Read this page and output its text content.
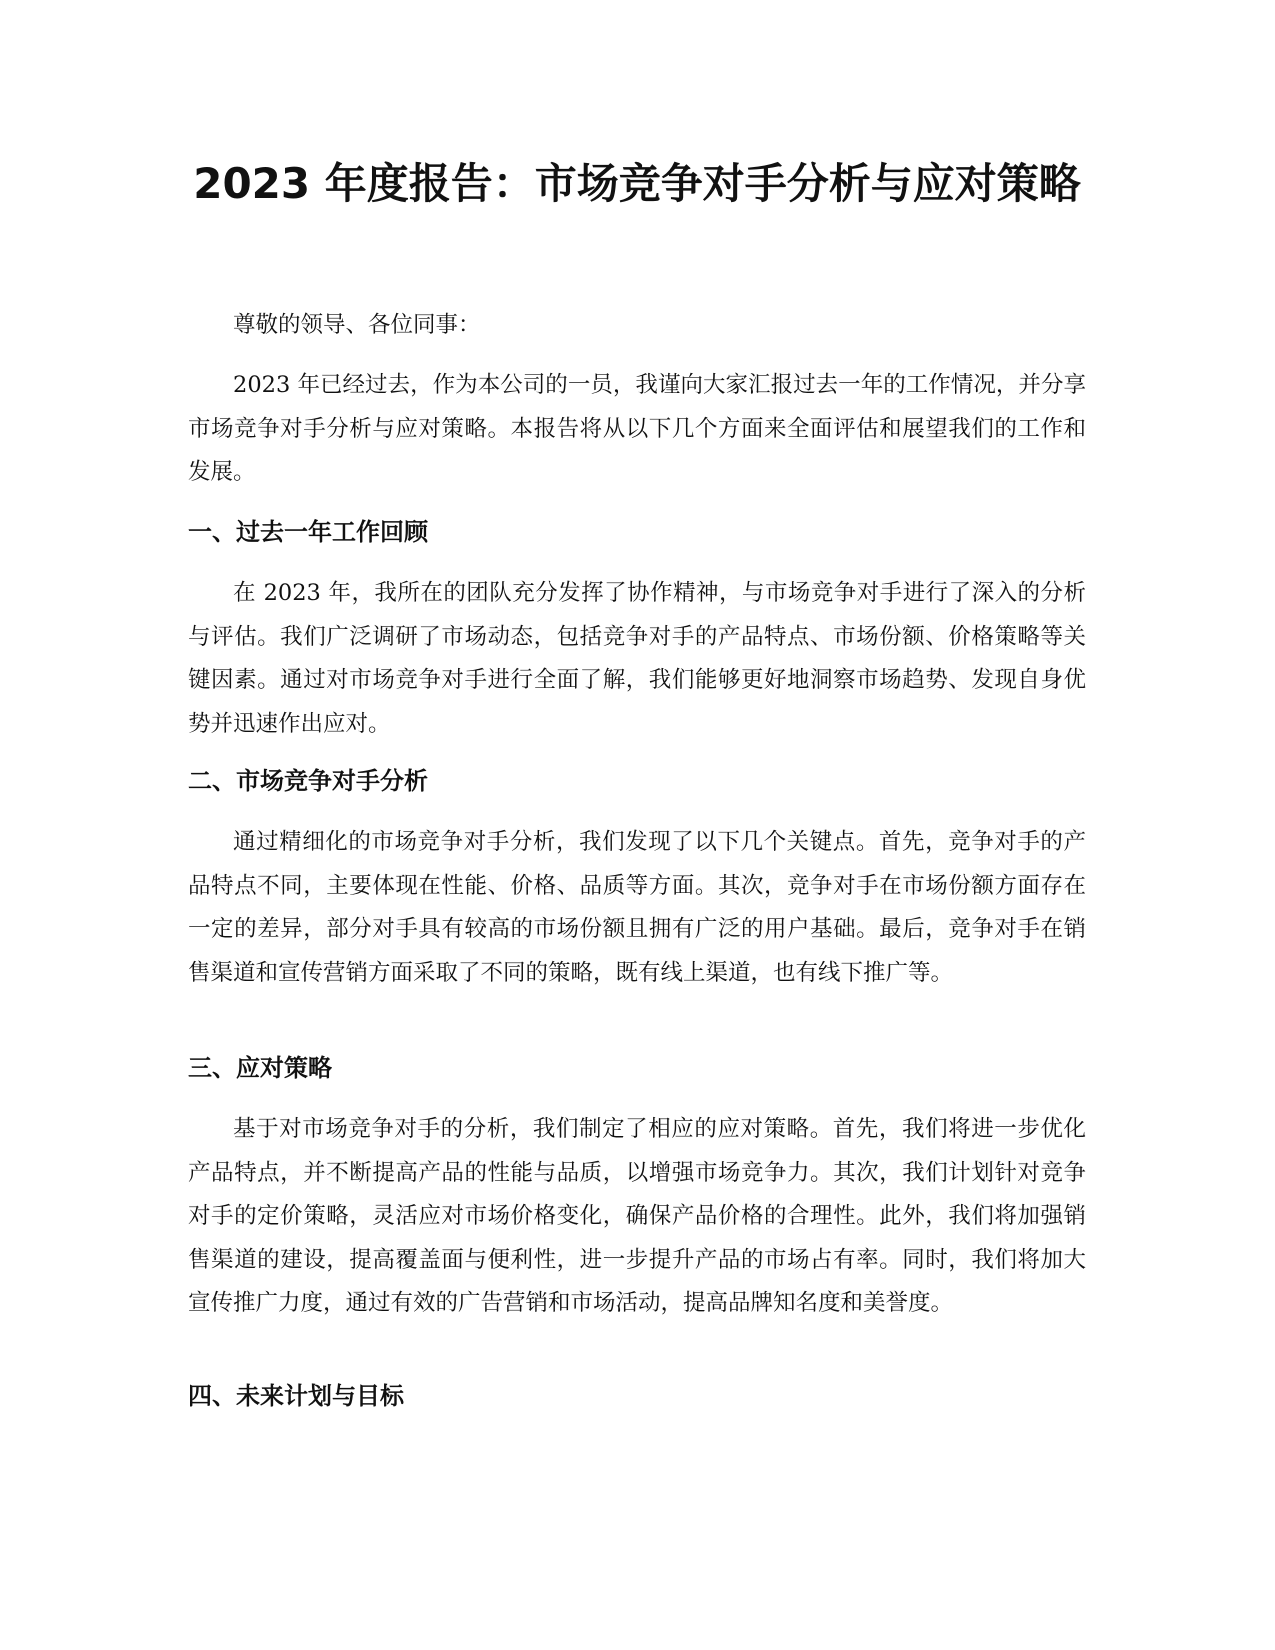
2023 年度报告：市场竞争对手分析与应对策略

尊敬的领导、各位同事：

2023 年已经过去，作为本公司的一员，我谨向大家汇报过去一年的工作情况，并分享市场竞争对手分析与应对策略。本报告将从以下几个方面来全面评估和展望我们的工作和发展。

一、过去一年工作回顾

在 2023 年，我所在的团队充分发挥了协作精神，与市场竞争对手进行了深入的分析与评估。我们广泛调研了市场动态，包括竞争对手的产品特点、市场份额、价格策略等关键因素。通过对市场竞争对手进行全面了解，我们能够更好地洞察市场趋势、发现自身优势并迅速作出应对。

二、市场竞争对手分析

通过精细化的市场竞争对手分析，我们发现了以下几个关键点。首先，竞争对手的产品特点不同，主要体现在性能、价格、品质等方面。其次，竞争对手在市场份额方面存在一定的差异，部分对手具有较高的市场份额且拥有广泛的用户基础。最后，竞争对手在销售渠道和宣传营销方面采取了不同的策略，既有线上渠道，也有线下推广等。

三、应对策略

基于对市场竞争对手的分析，我们制定了相应的应对策略。首先，我们将进一步优化产品特点，并不断提高产品的性能与品质，以增强市场竞争力。其次，我们计划针对竞争对手的定价策略，灵活应对市场价格变化，确保产品价格的合理性。此外，我们将加强销售渠道的建设，提高覆盖面与便利性，进一步提升产品的市场占有率。同时，我们将加大宣传推广力度，通过有效的广告营销和市场活动，提高品牌知名度和美誉度。

四、未来计划与目标
